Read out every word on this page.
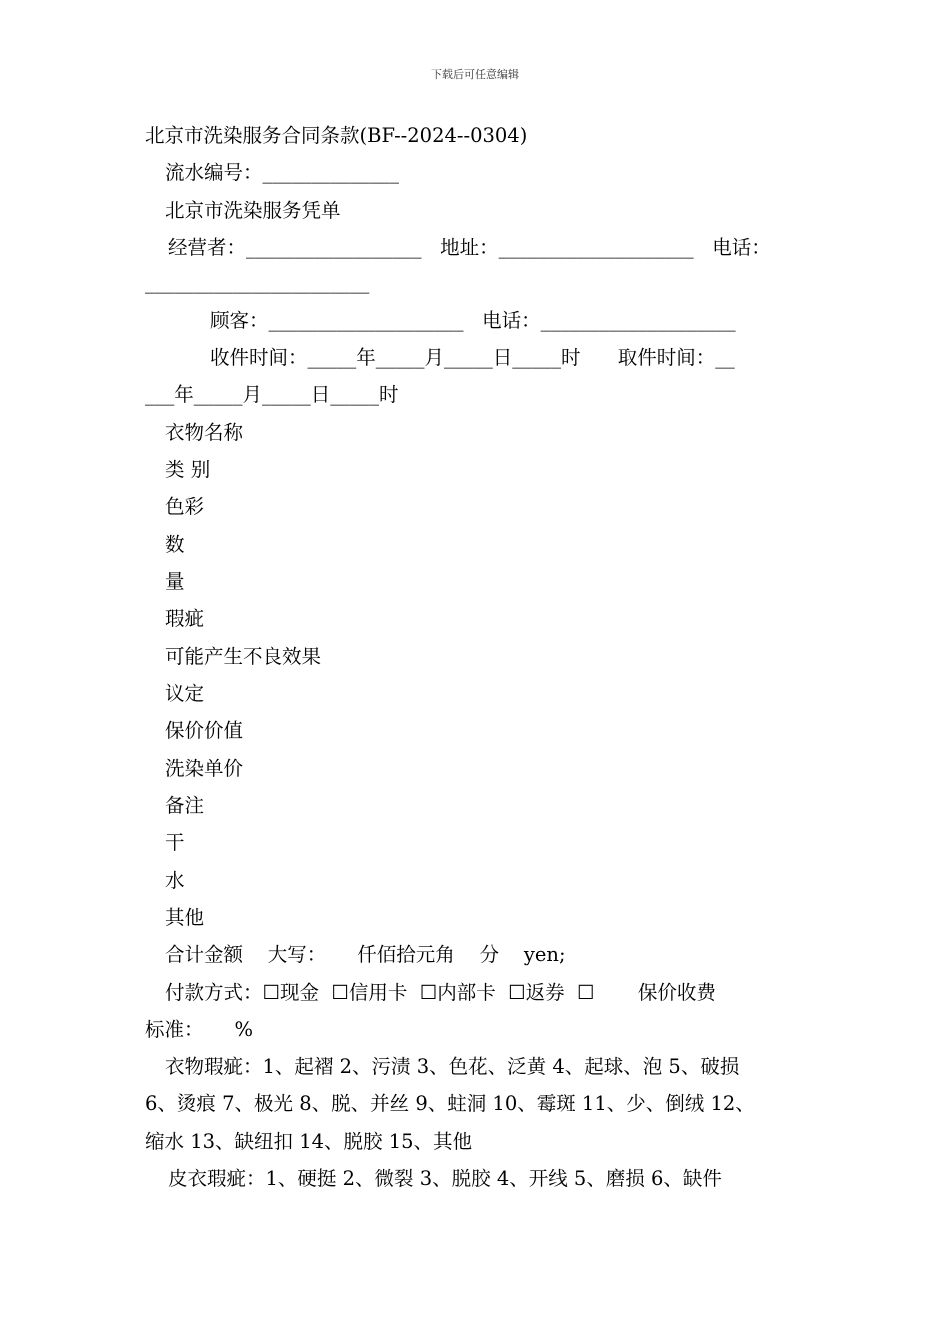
下载后可任意编辑
北京市洗染服务合同条款(BF--2024--0304)
流水编号：______________
北京市洗染服务凭单
经营者：__________________   地址：____________________   电话：
_______________________
顾客：____________________   电话：____________________
收件时间：_____年_____月_____日_____时      取件时间：__
___年_____月_____日_____时
衣物名称
类 别
色彩
数
量
瑕疵
可能产生不良效果
议定
保价价值
洗染单价
备注
干
水
其他
合计金额    大写：     仟佰拾元角    分    yen;
付款方式：☐现金  ☐信用卡  ☐内部卡  ☐返券  ☐       保价收费
标准：     %
衣物瑕疵：1、起褶 2、污渍 3、色花、泛黄 4、起球、泡 5、破损
6、烫痕 7、极光 8、脱、并丝 9、蛀洞 10、霉斑 11、少、倒绒 12、
缩水 13、缺纽扣 14、脱胶 15、其他
皮衣瑕疵：1、硬挺 2、微裂 3、脱胶 4、开线 5、磨损 6、缺件
